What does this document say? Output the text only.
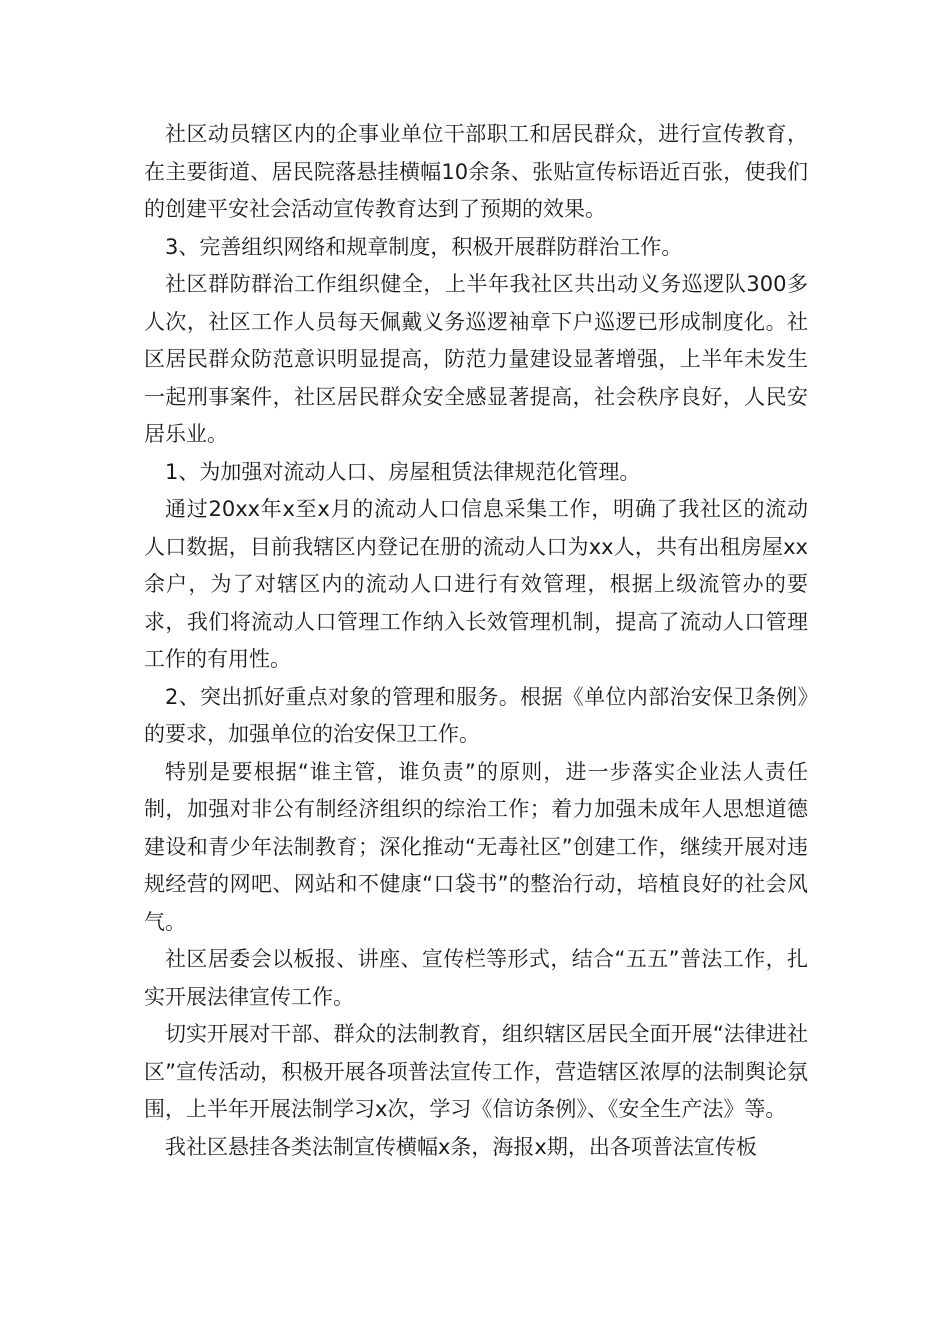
社区动员辖区内的企事业单位干部职工和居民群众，进行宣传教育，在主要街道、居民院落悬挂横幅10余条、张贴宣传标语近百张，使我们的创建平安社会活动宣传教育达到了预期的效果。

3、完善组织网络和规章制度，积极开展群防群治工作。

社区群防群治工作组织健全，上半年我社区共出动义务巡逻队300多人次，社区工作人员每天佩戴义务巡逻袖章下户巡逻已形成制度化。社区居民群众防范意识明显提高，防范力量建设显著增强，上半年未发生一起刑事案件，社区居民群众安全感显著提高，社会秩序良好，人民安居乐业。

1、为加强对流动人口、房屋租赁法律规范化管理。

通过20xx年x至x月的流动人口信息采集工作，明确了我社区的流动人口数据，目前我辖区内登记在册的流动人口为xx人，共有出租房屋xx余户，为了对辖区内的流动人口进行有效管理，根据上级流管办的要求，我们将流动人口管理工作纳入长效管理机制，提高了流动人口管理工作的有用性。

2、突出抓好重点对象的管理和服务。根据《单位内部治安保卫条例》的要求，加强单位的治安保卫工作。

特别是要根据“谁主管，谁负责”的原则，进一步落实企业法人责任制，加强对非公有制经济组织的综治工作；着力加强未成年人思想道德建设和青少年法制教育；深化推动“无毒社区”创建工作，继续开展对违规经营的网吧、网站和不健康“口袋书”的整治行动，培植良好的社会风气。

社区居委会以板报、讲座、宣传栏等形式，结合“五五”普法工作，扎实开展法律宣传工作。

切实开展对干部、群众的法制教育，组织辖区居民全面开展“法律进社区”宣传活动，积极开展各项普法宣传工作，营造辖区浓厚的法制舆论氛围，上半年开展法制学习x次，学习《信访条例》、《安全生产法》等。

我社区悬挂各类法制宣传横幅x条，海报x期，出各项普法宣传板
